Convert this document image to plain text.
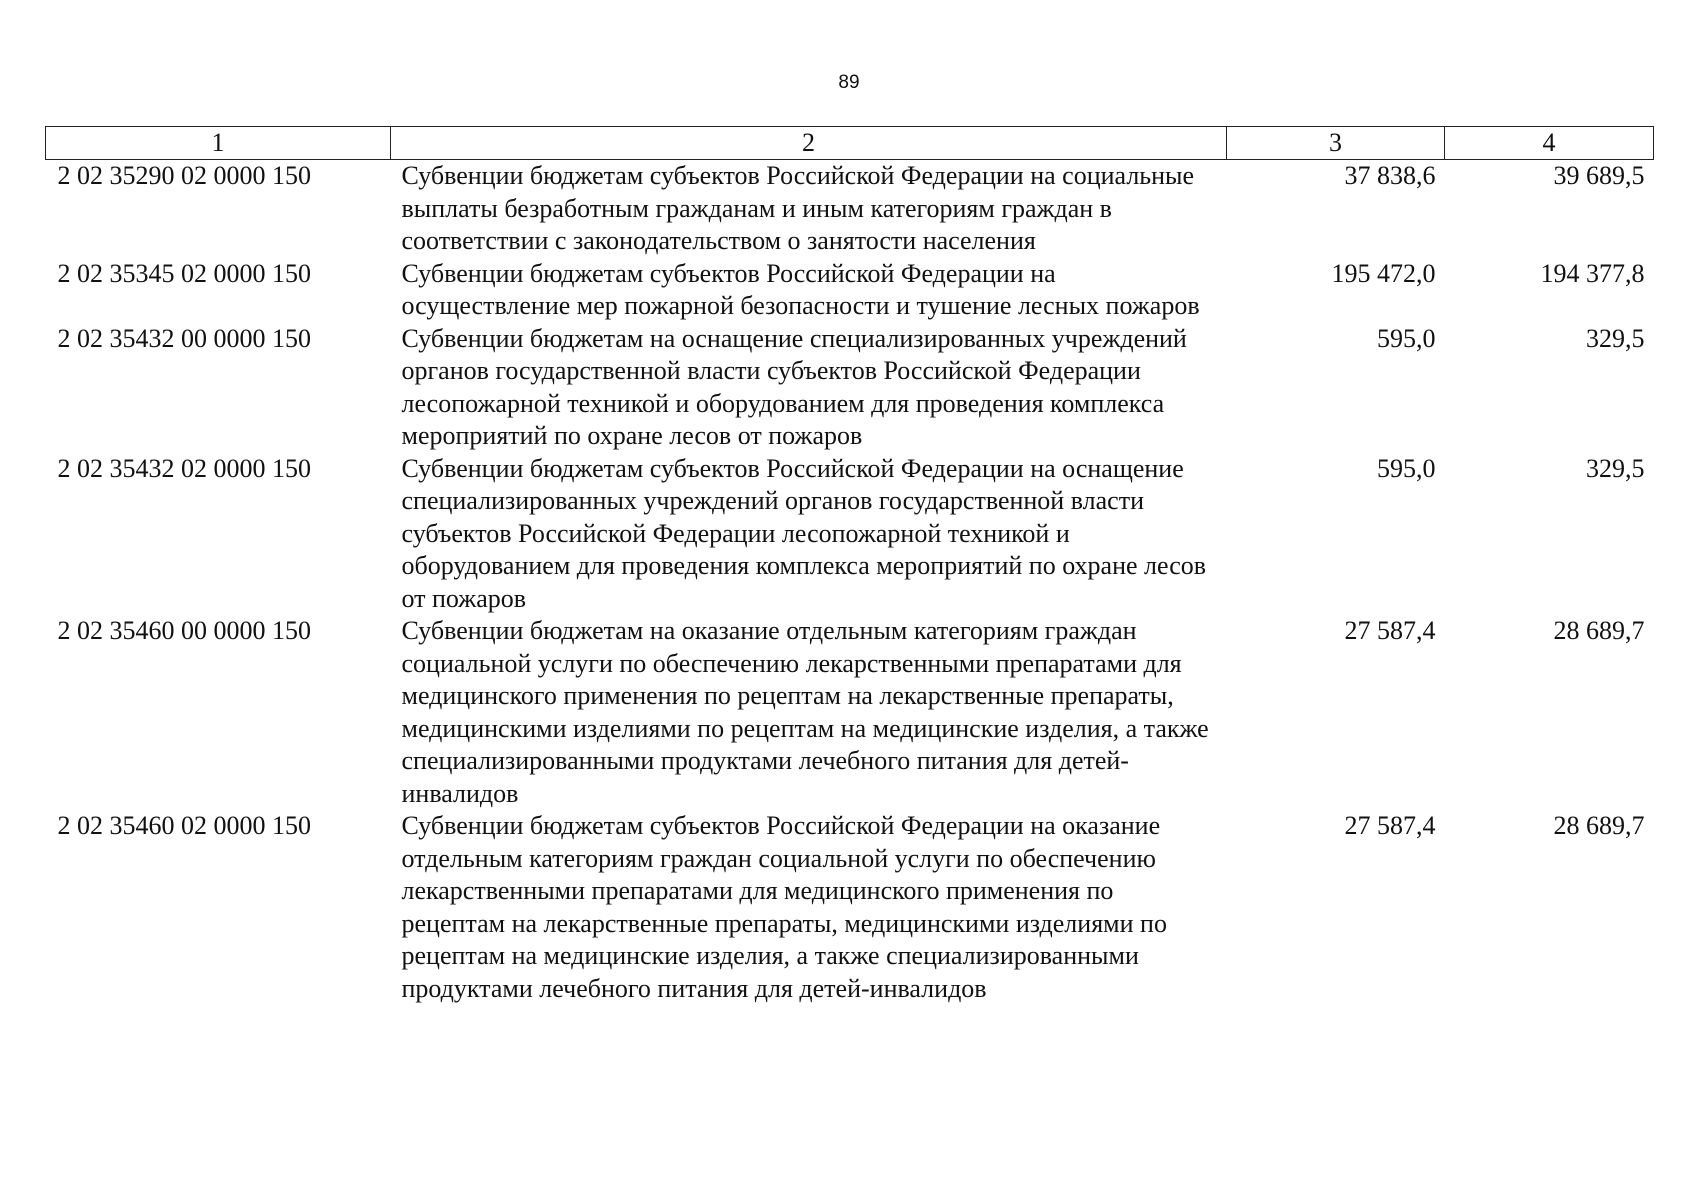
89
1	2	3	4
2 02 35290 02 0000 150	Субвенции бюджетам субъектов Российской Федерации на социальные выплаты безработным гражданам и иным категориям граждан в соответствии с законодательством о занятости населения	37 838,6	39 689,5
2 02 35345 02 0000 150	Субвенции бюджетам субъектов Российской Федерации на осуществление мер пожарной безопасности и тушение лесных пожаров	195 472,0	194 377,8
2 02 35432 00 0000 150	Субвенции бюджетам на оснащение специализированных учреждений органов государственной власти субъектов Российской Федерации лесопожарной техникой и оборудованием для проведения комплекса мероприятий по охране лесов от пожаров	595,0	329,5
2 02 35432 02 0000 150	Субвенции бюджетам субъектов Российской Федерации на оснащение специализированных учреждений органов государственной власти субъектов Российской Федерации лесопожарной техникой и оборудованием для проведения комплекса мероприятий по охране лесов от пожаров	595,0	329,5
2 02 35460 00 0000 150	Субвенции бюджетам на оказание отдельным категориям граждан социальной услуги по обеспечению лекарственными препаратами для медицинского применения по рецептам на лекарственные препараты, медицинскими изделиями по рецептам на медицинские изделия, а также специализированными продуктами лечебного питания для детей-инвалидов	27 587,4	28 689,7
2 02 35460 02 0000 150	Субвенции бюджетам субъектов Российской Федерации на оказание отдельным категориям граждан социальной услуги по обеспечению лекарственными препаратами для медицинского применения по рецептам на лекарственные препараты, медицинскими изделиями по рецептам на медицинские изделия, а также специализированными продуктами лечебного питания для детей-инвалидов	27 587,4	28 689,7
